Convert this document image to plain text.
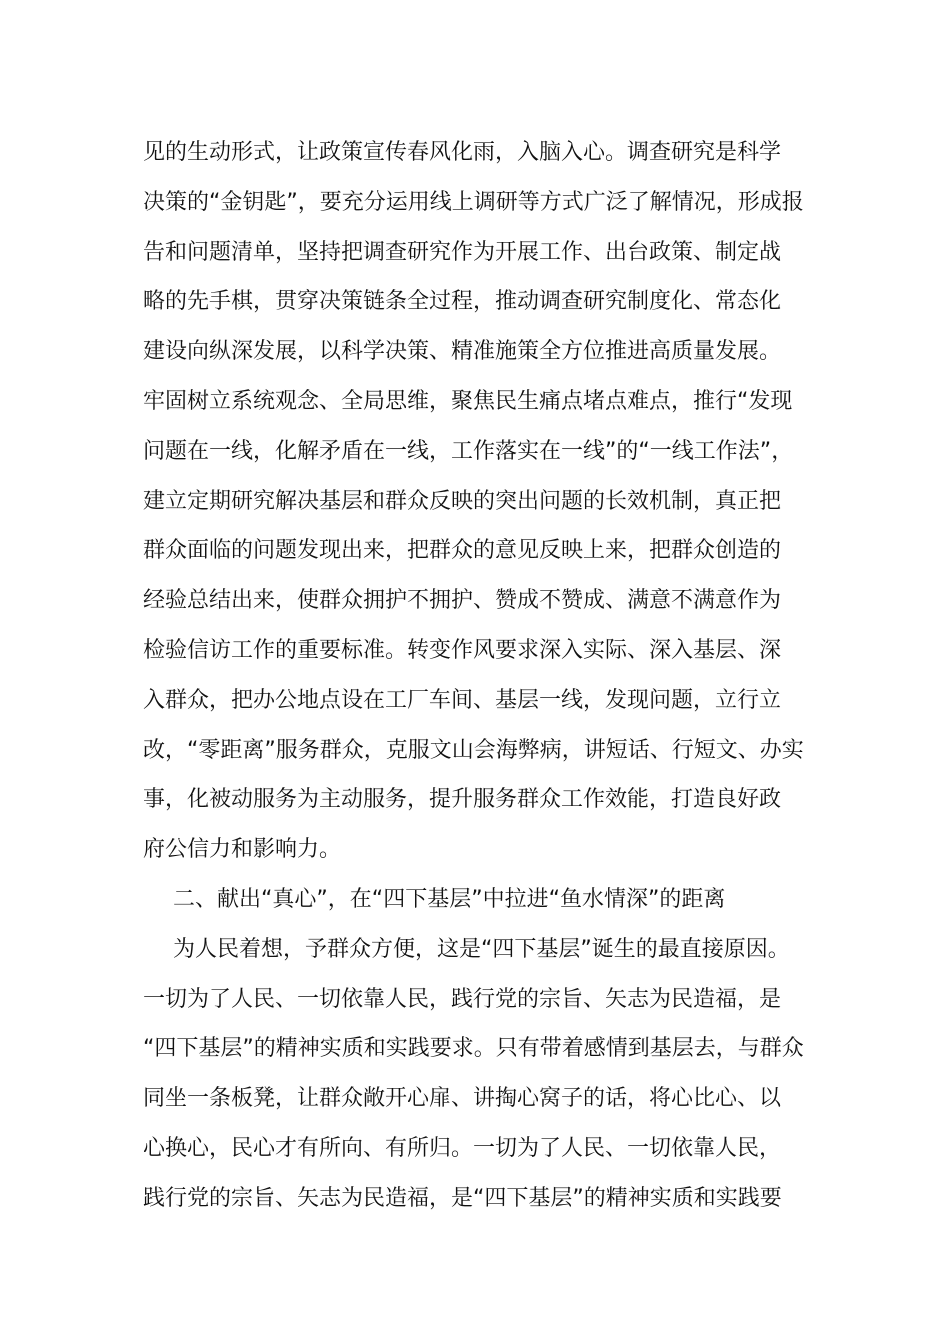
见的生动形式，让政策宣传春风化雨，入脑入心。调查研究是科学
决策的“金钥匙”，要充分运用线上调研等方式广泛了解情况，形成报
告和问题清单，坚持把调查研究作为开展工作、出台政策、制定战
略的先手棋，贯穿决策链条全过程，推动调查研究制度化、常态化
建设向纵深发展，以科学决策、精准施策全方位推进高质量发展。
牢固树立系统观念、全局思维，聚焦民生痛点堵点难点，推行“发现
问题在一线，化解矛盾在一线，工作落实在一线”的“一线工作法”，
建立定期研究解决基层和群众反映的突出问题的长效机制，真正把
群众面临的问题发现出来，把群众的意见反映上来，把群众创造的
经验总结出来，使群众拥护不拥护、赞成不赞成、满意不满意作为
检验信访工作的重要标准。转变作风要求深入实际、深入基层、深
入群众，把办公地点设在工厂车间、基层一线，发现问题，立行立
改，“零距离”服务群众，克服文山会海弊病，讲短话、行短文、办实
事，化被动服务为主动服务，提升服务群众工作效能，打造良好政
府公信力和影响力。
二、献出“真心”，在“四下基层”中拉进“鱼水情深”的距离
为人民着想，予群众方便，这是“四下基层”诞生的最直接原因。
一切为了人民、一切依靠人民，践行党的宗旨、矢志为民造福，是
“四下基层”的精神实质和实践要求。只有带着感情到基层去，与群众
同坐一条板凳，让群众敞开心扉、讲掏心窝子的话，将心比心、以
心换心，民心才有所向、有所归。一切为了人民、一切依靠人民，
践行党的宗旨、矢志为民造福，是“四下基层”的精神实质和实践要
